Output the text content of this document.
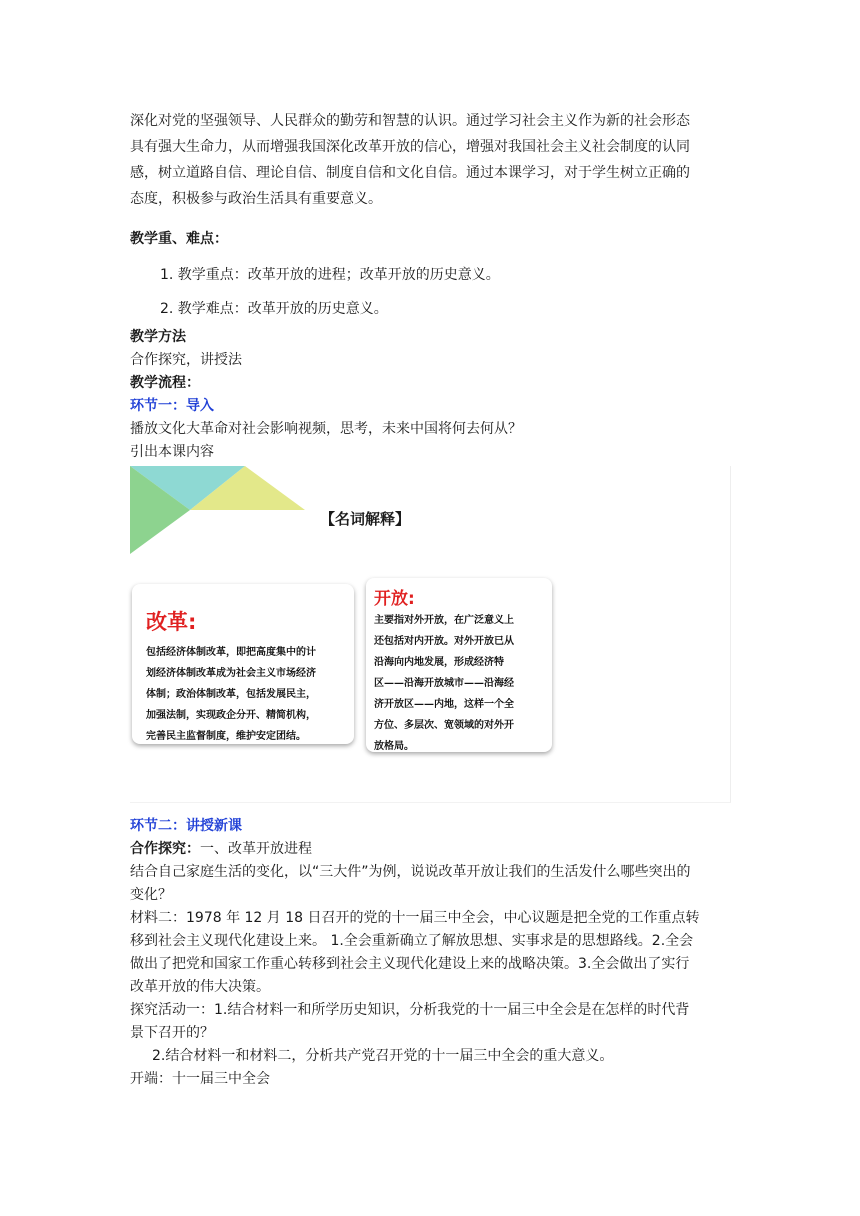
深化对党的坚强领导、人民群众的勤劳和智慧的认识。通过学习社会主义作为新的社会形态

具有强大生命力，从而增强我国深化改革开放的信心，增强对我国社会主义社会制度的认同

感，树立道路自信、理论自信、制度自信和文化自信。通过本课学习，对于学生树立正确的

态度，积极参与政治生活具有重要意义。

教学重、难点：

1. 教学重点：改革开放的进程；改革开放的历史意义。

2. 教学难点：改革开放的历史意义。

教学方法

合作探究，讲授法

教学流程：

环节一：导入

播放文化大革命对社会影响视频，思考，未来中国将何去何从？

引出本课内容

【名词解释】
改革:
包括经济体制改革，即把高度集中的计
划经济体制改革成为社会主义市场经济
体制；政治体制改革，包括发展民主，
加强法制，实现政企分开、精简机构，
完善民主监督制度，维护安定团结。
开放:
主要指对外开放，在广泛意义上
还包括对内开放。对外开放已从
沿海向内地发展，形成经济特
区——沿海开放城市——沿海经
济开放区——内地，这样一个全
方位、多层次、宽领域的对外开
放格局。

环节二：讲授新课

合作探究：一、改革开放进程

结合自己家庭生活的变化，以“三大件”为例，说说改革开放让我们的生活发什么哪些突出的

变化？

材料二：1978 年 12 月 18 日召开的党的十一届三中全会，中心议题是把全党的工作重点转

移到社会主义现代化建设上来。 1.全会重新确立了解放思想、实事求是的思想路线。2.全会

做出了把党和国家工作重心转移到社会主义现代化建设上来的战略决策。3.全会做出了实行

改革开放的伟大决策。

探究活动一：1.结合材料一和所学历史知识，分析我党的十一届三中全会是在怎样的时代背

景下召开的？

2.结合材料一和材料二，分析共产党召开党的十一届三中全会的重大意义。

开端：十一届三中全会
